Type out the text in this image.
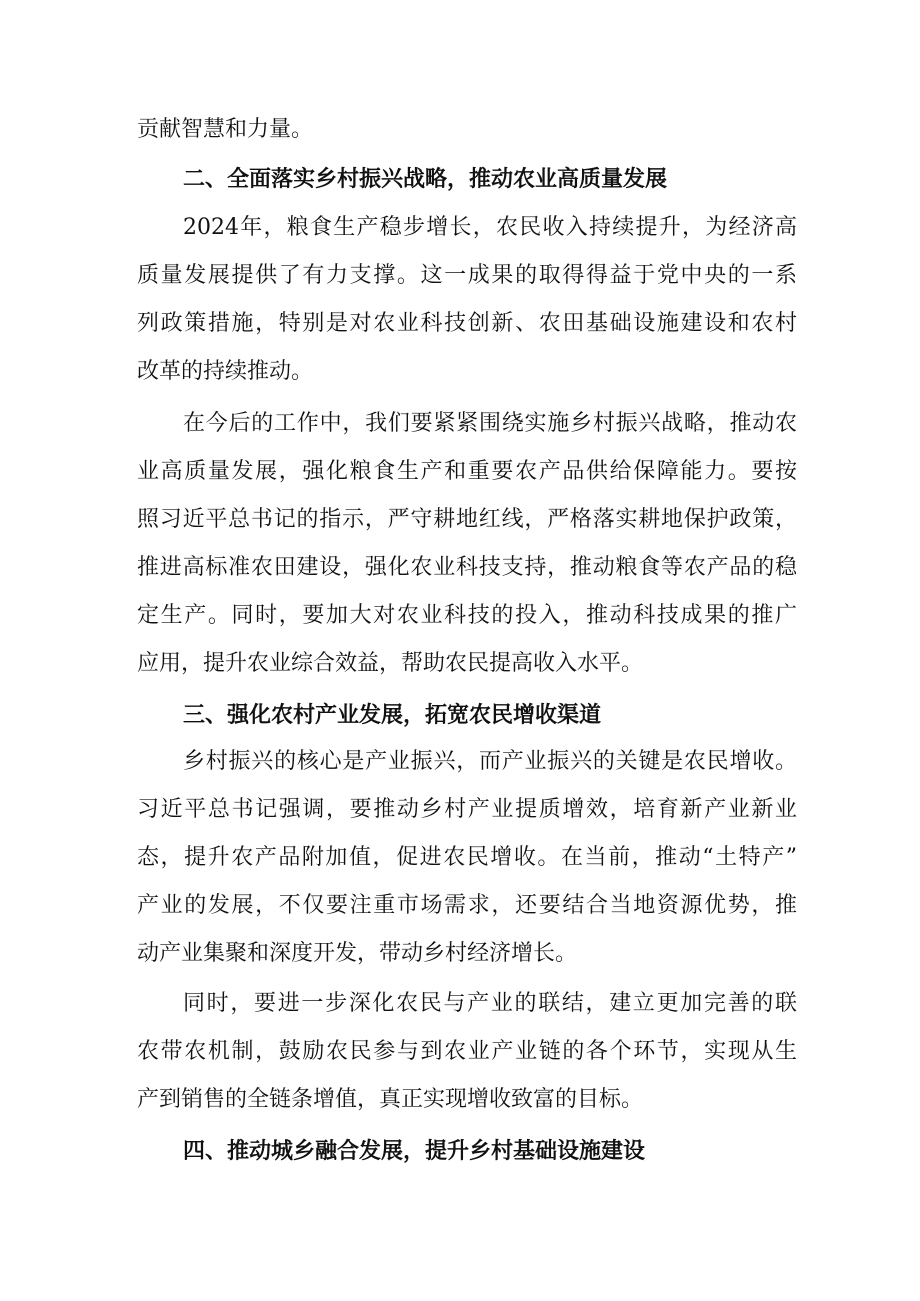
贡献智慧和力量。
二、全面落实乡村振兴战略，推动农业高质量发展
2024年，粮食生产稳步增长，农民收入持续提升，为经济高
质量发展提供了有力支撑。这一成果的取得得益于党中央的一系
列政策措施，特别是对农业科技创新、农田基础设施建设和农村
改革的持续推动。
在今后的工作中，我们要紧紧围绕实施乡村振兴战略，推动农
业高质量发展，强化粮食生产和重要农产品供给保障能力。要按
照习近平总书记的指示，严守耕地红线，严格落实耕地保护政策，
推进高标准农田建设，强化农业科技支持，推动粮食等农产品的稳
定生产。同时，要加大对农业科技的投入，推动科技成果的推广
应用，提升农业综合效益，帮助农民提高收入水平。
三、强化农村产业发展，拓宽农民增收渠道
乡村振兴的核心是产业振兴，而产业振兴的关键是农民增收。
习近平总书记强调，要推动乡村产业提质增效，培育新产业新业
态，提升农产品附加值，促进农民增收。在当前，推动“土特产”
产业的发展，不仅要注重市场需求，还要结合当地资源优势，推
动产业集聚和深度开发，带动乡村经济增长。
同时，要进一步深化农民与产业的联结，建立更加完善的联
农带农机制，鼓励农民参与到农业产业链的各个环节，实现从生
产到销售的全链条增值，真正实现增收致富的目标。
四、推动城乡融合发展，提升乡村基础设施建设
